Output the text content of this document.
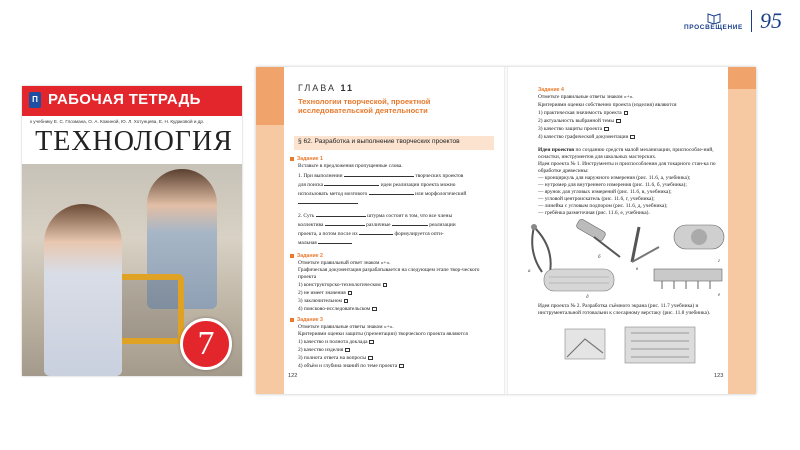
ПРОСВЕЩЕНИЕ 95
П РАБОЧАЯ ТЕТРАДЬ
к учебнику Е. С. Глозмана, О. А. Кожиной, Ю. Л. Хотунцева, Е. Н. Кудаковой и др.
ТЕХНОЛОГИЯ
7
ГЛАВА 11
Технологии творческой, проектной исследовательской деятельности
§ 62. Разработка и выполнение творческих проектов
Задание 1
Вставьте в предложения пропущенные слова.
1. При выполнении	творческих проектов
для поиска	идеи реализации проекта можно
использовать метод мозгового	или морфологический
2. Суть	штурма состоит в том, что все члены
коллектива	различные	реализации
проекта, а потом после их	формулируется опти-
мальная
Задание 2
Отметьте правильный ответ знаком «+».
Графическая документация разрабатывается на следующем этапе твор-ческого проекта
1) конструкторско-технологическом
2) не имеет значения
3) заключительном
4) поисково-исследовательском
Задание 3
Отметьте правильные ответы знаком «+».
Критериями оценки защиты (презентации) творческого проекта являются
1) качество и полнота доклада
2) качество изделия
3) полнота ответа на вопросы
4) объём и глубина знаний по теме проекта
122
Задание 4
Отметьте правильные ответы знаком «+».
Критериями оценки собственно проекта (изделия) являются
1) практическая значимость проекта
2) актуальность выбранной темы
3) качество защиты проекта
4) качество графической документации
Идеи проектов по созданию средств малой механизации, приспособле-ний, оснастки, инструментов для школьных мастерских.
Идея проекта № 1. Инструменты и приспособления для токарного стан-ка по обработке древесины:
— кронциркуль для наружного измерения (рис. 11.6, а, учебника);
— нутромер для внутреннего измерения (рис. 11.6, б, учебника);
— ярунок для угловых измерений (рис. 11.6, в, учебника);
— угловой центроискатель (рис. 11.6, г, учебника);
— линейка с угловым подпором (рис. 11.6, д, учебника);
— гребёнка разметочная (рис. 11.6, е, учебника).
а
б
в
г
д	е
Идея проекта № 2. Разработка съёмного экрана (рис. 11.7 учебника) и инструментальной готовальни к слесарному верстаку (рис. 11.8 учебника).
123
